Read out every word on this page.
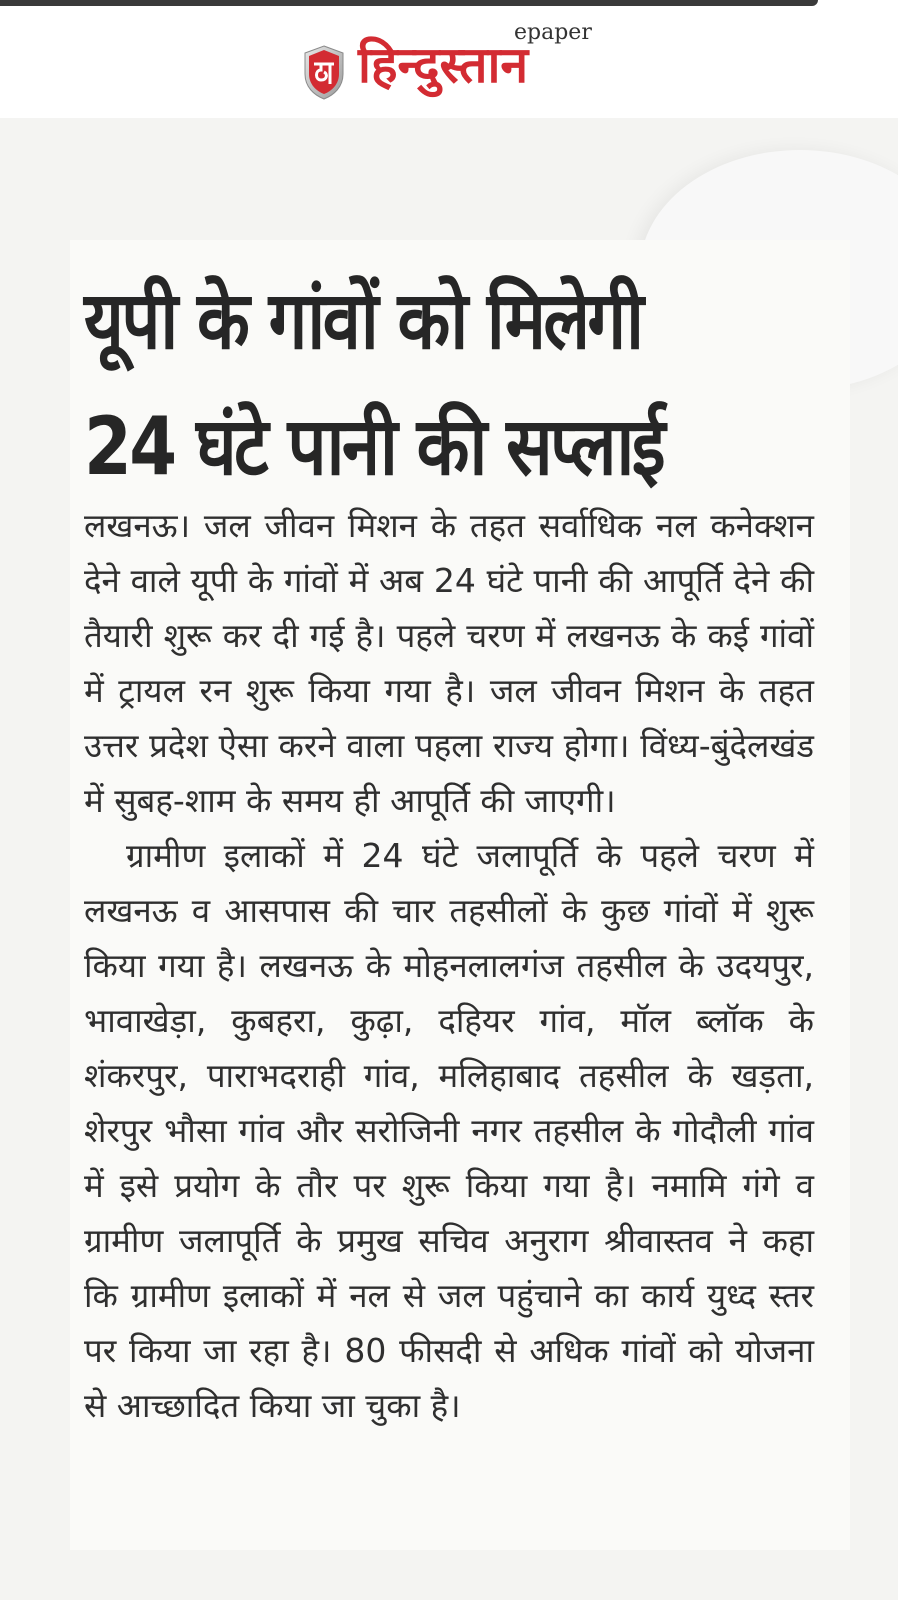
हिन्दुस्तान
epaper
यूपी के गांवों को मिलेगी
24 घंटे पानी की सप्लाई

लखनऊ। जल जीवन मिशन के तहत सर्वाधिक नल कनेक्शन देने वाले यूपी के गांवों में अब 24 घंटे पानी की आपूर्ति देने की तैयारी शुरू कर दी गई है। पहले चरण में लखनऊ के कई गांवों में ट्रायल रन शुरू किया गया है। जल जीवन मिशन के तहत उत्तर प्रदेश ऐसा करने वाला पहला राज्य होगा। विंध्य-बुंदेलखंड में सुबह-शाम के समय ही आपूर्ति की जाएगी।

ग्रामीण इलाकों में 24 घंटे जलापूर्ति के पहले चरण में लखनऊ व आसपास की चार तहसीलों के कुछ गांवों में शुरू किया गया है। लखनऊ के मोहनलालगंज तहसील के उदयपुर, भावाखेड़ा, कुबहरा, कुढ़ा, दहियर गांव, मॉल ब्लॉक के शंकरपुर, पाराभदराही गांव, मलिहाबाद तहसील के खड़ता, शेरपुर भौसा गांव और सरोजिनी नगर तहसील के गोदौली गांव में इसे प्रयोग के तौर पर शुरू किया गया है। नमामि गंगे व ग्रामीण जलापूर्ति के प्रमुख सचिव अनुराग श्रीवास्तव ने कहा कि ग्रामीण इलाकों में नल से जल पहुंचाने का कार्य युध्द स्तर पर किया जा रहा है। 80 फीसदी से अधिक गांवों को योजना से आच्छादित किया जा चुका है।
